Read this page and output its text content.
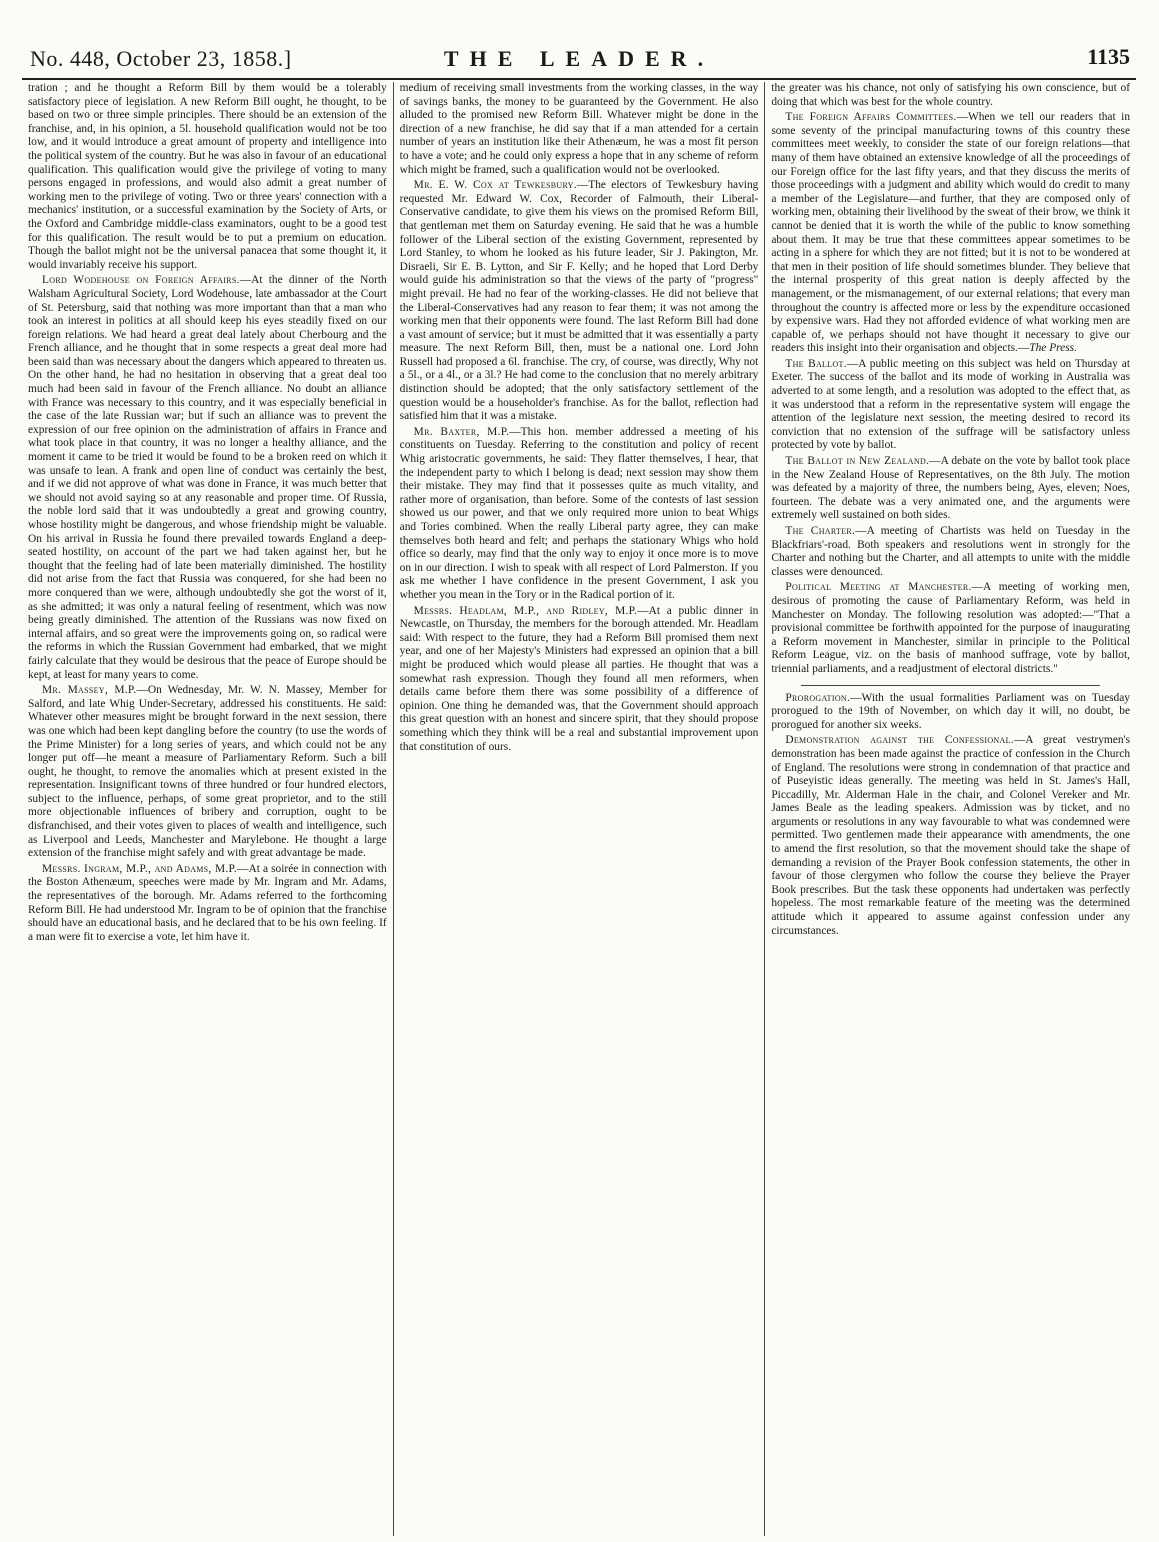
No. 448, October 23, 1858.]	THE LEADER.	1135

tration ; and he thought a Reform Bill by them would be a tolerably satisfactory piece of legislation. A new Reform Bill ought, he thought, to be based on two or three simple principles. There should be an extension of the franchise, and, in his opinion, a 5l. household qualification would not be too low, and it would introduce a great amount of property and intelligence into the political system of the country. But he was also in favour of an educational qualification. This qualification would give the privilege of voting to many persons engaged in professions, and would also admit a great number of working men to the privilege of voting. Two or three years' connection with a mechanics' institution, or a successful examination by the Society of Arts, or the Oxford and Cambridge middle-class examinators, ought to be a good test for this qualification. The result would be to put a premium on education. Though the ballot might not be the universal panacea that some thought it, it would invariably receive his support.

Lord Wodehouse on Foreign Affairs.—At the dinner of the North Walsham Agricultural Society, Lord Wodehouse, late ambassador at the Court of St. Petersburg, said that nothing was more important than that a man who took an interest in politics at all should keep his eyes steadily fixed on our foreign relations. We had heard a great deal lately about Cherbourg and the French alliance, and he thought that in some respects a great deal more had been said than was necessary about the dangers which appeared to threaten us. On the other hand, he had no hesitation in observing that a great deal too much had been said in favour of the French alliance. No doubt an alliance with France was necessary to this country, and it was especially beneficial in the case of the late Russian war; but if such an alliance was to prevent the expression of our free opinion on the administration of affairs in France and what took place in that country, it was no longer a healthy alliance, and the moment it came to be tried it would be found to be a broken reed on which it was unsafe to lean. A frank and open line of conduct was certainly the best, and if we did not approve of what was done in France, it was much better that we should not avoid saying so at any reasonable and proper time. Of Russia, the noble lord said that it was undoubtedly a great and growing country, whose hostility might be dangerous, and whose friendship might be valuable. On his arrival in Russia he found there prevailed towards England a deep-seated hostility, on account of the part we had taken against her, but he thought that the feeling had of late been materially diminished. The hostility did not arise from the fact that Russia was conquered, for she had been no more conquered than we were, although undoubtedly she got the worst of it, as she admitted; it was only a natural feeling of resentment, which was now being greatly diminished. The attention of the Russians was now fixed on internal affairs, and so great were the improvements going on, so radical were the reforms in which the Russian Government had embarked, that we might fairly calculate that they would be desirous that the peace of Europe should be kept, at least for many years to come.

Mr. Massey, M.P.—On Wednesday, Mr. W. N. Massey, Member for Salford, and late Whig Under-Secretary, addressed his constituents. He said: Whatever other measures might be brought forward in the next session, there was one which had been kept dangling before the country (to use the words of the Prime Minister) for a long series of years, and which could not be any longer put off—he meant a measure of Parliamentary Reform. Such a bill ought, he thought, to remove the anomalies which at present existed in the representation. Insignificant towns of three hundred or four hundred electors, subject to the influence, perhaps, of some great proprietor, and to the still more objectionable influences of bribery and corruption, ought to be disfranchised, and their votes given to places of wealth and intelligence, such as Liverpool and Leeds, Manchester and Marylebone. He thought a large extension of the franchise might safely and with great advantage be made.

Messrs. Ingram, M.P., and Adams, M.P.—At a soirée in connection with the Boston Athenæum, speeches were made by Mr. Ingram and Mr. Adams, the representatives of the borough. Mr. Adams referred to the forthcoming Reform Bill. He had understood Mr. Ingram to be of opinion that the franchise should have an educational basis, and he declared that to be his own feeling. If a man were fit to exercise a vote, let him have it.

medium of receiving small investments from the working classes, in the way of savings banks, the money to be guaranteed by the Government. He also alluded to the promised new Reform Bill. Whatever might be done in the direction of a new franchise, he did say that if a man attended for a certain number of years an institution like their Athenæum, he was a most fit person to have a vote; and he could only express a hope that in any scheme of reform which might be framed, such a qualification would not be overlooked.

Mr. E. W. Cox at Tewkesbury.—The electors of Tewkesbury having requested Mr. Edward W. Cox, Recorder of Falmouth, their Liberal-Conservative candidate, to give them his views on the promised Reform Bill, that gentleman met them on Saturday evening. He said that he was a humble follower of the Liberal section of the existing Government, represented by Lord Stanley, to whom he looked as his future leader, Sir J. Pakington, Mr. Disraeli, Sir E. B. Lytton, and Sir F. Kelly; and he hoped that Lord Derby would guide his administration so that the views of the party of "progress" might prevail. He had no fear of the working-classes. He did not believe that the Liberal-Conservatives had any reason to fear them; it was not among the working men that their opponents were found. The last Reform Bill had done a vast amount of service; but it must be admitted that it was essentially a party measure. The next Reform Bill, then, must be a national one. Lord John Russell had proposed a 6l. franchise. The cry, of course, was directly, Why not a 5l., or a 4l., or a 3l.? He had come to the conclusion that no merely arbitrary distinction should be adopted; that the only satisfactory settlement of the question would be a householder's franchise. As for the ballot, reflection had satisfied him that it was a mistake.

Mr. Baxter, M.P.—This hon. member addressed a meeting of his constituents on Tuesday. Referring to the constitution and policy of recent Whig aristocratic governments, he said: They flatter themselves, I hear, that the independent party to which I belong is dead; next session may show them their mistake. They may find that it possesses quite as much vitality, and rather more of organisation, than before. Some of the contests of last session showed us our power, and that we only required more union to beat Whigs and Tories combined. When the really Liberal party agree, they can make themselves both heard and felt; and perhaps the stationary Whigs who hold office so dearly, may find that the only way to enjoy it once more is to move on in our direction. I wish to speak with all respect of Lord Palmerston. If you ask me whether I have confidence in the present Government, I ask you whether you mean in the Tory or in the Radical portion of it.

Messrs. Headlam, M.P., and Ridley, M.P.—At a public dinner in Newcastle, on Thursday, the members for the borough attended. Mr. Headlam said: With respect to the future, they had a Reform Bill promised them next year, and one of her Majesty's Ministers had expressed an opinion that a bill might be produced which would please all parties. He thought that was a somewhat rash expression. Though they found all men reformers, when details came before them there was some possibility of a difference of opinion. One thing he demanded was, that the Government should approach this great question with an honest and sincere spirit, that they should propose something which they think will be a real and substantial improvement upon that constitution of ours.

the greater was his chance, not only of satisfying his own conscience, but of doing that which was best for the whole country.

The Foreign Affairs Committees.—When we tell our readers that in some seventy of the principal manufacturing towns of this country these committees meet weekly, to consider the state of our foreign relations—that many of them have obtained an extensive knowledge of all the proceedings of our Foreign office for the last fifty years, and that they discuss the merits of those proceedings with a judgment and ability which would do credit to many a member of the Legislature—and further, that they are composed only of working men, obtaining their livelihood by the sweat of their brow, we think it cannot be denied that it is worth the while of the public to know something about them. It may be true that these committees appear sometimes to be acting in a sphere for which they are not fitted; but it is not to be wondered at that men in their position of life should sometimes blunder. They believe that the internal prosperity of this great nation is deeply affected by the management, or the mismanagement, of our external relations; that every man throughout the country is affected more or less by the expenditure occasioned by expensive wars. Had they not afforded evidence of what working men are capable of, we perhaps should not have thought it necessary to give our readers this insight into their organisation and objects.—The Press.

The Ballot.—A public meeting on this subject was held on Thursday at Exeter. The success of the ballot and its mode of working in Australia was adverted to at some length, and a resolution was adopted to the effect that, as it was understood that a reform in the representative system will engage the attention of the legislature next session, the meeting desired to record its conviction that no extension of the suffrage will be satisfactory unless protected by vote by ballot.

The Ballot in New Zealand.—A debate on the vote by ballot took place in the New Zealand House of Representatives, on the 8th July. The motion was defeated by a majority of three, the numbers being, Ayes, eleven; Noes, fourteen. The debate was a very animated one, and the arguments were extremely well sustained on both sides.

The Charter.—A meeting of Chartists was held on Tuesday in the Blackfriars'-road. Both speakers and resolutions went in strongly for the Charter and nothing but the Charter, and all attempts to unite with the middle classes were denounced.

Political Meeting at Manchester.—A meeting of working men, desirous of promoting the cause of Parliamentary Reform, was held in Manchester on Monday. The following resolution was adopted:—"That a provisional committee be forthwith appointed for the purpose of inaugurating a Reform movement in Manchester, similar in principle to the Political Reform League, viz. on the basis of manhood suffrage, vote by ballot, triennial parliaments, and a readjustment of electoral districts."

Prorogation.—With the usual formalities Parliament was on Tuesday prorogued to the 19th of November, on which day it will, no doubt, be prorogued for another six weeks.

Demonstration against the Confessional.—A great vestrymen's demonstration has been made against the practice of confession in the Church of England. The resolutions were strong in condemnation of that practice and of Puseyistic ideas generally. The meeting was held in St. James's Hall, Piccadilly, Mr. Alderman Hale in the chair, and Colonel Vereker and Mr. James Beale as the leading speakers. Admission was by ticket, and no arguments or resolutions in any way favourable to what was condemned were permitted. Two gentlemen made their appearance with amendments, the one to amend the first resolution, so that the movement should take the shape of demanding a revision of the Prayer Book confession statements, the other in favour of those clergymen who follow the course they believe the Prayer Book prescribes. But the task these opponents had undertaken was perfectly hopeless. The most remarkable feature of the meeting was the determined attitude which it appeared to assume against confession under any circumstances.
